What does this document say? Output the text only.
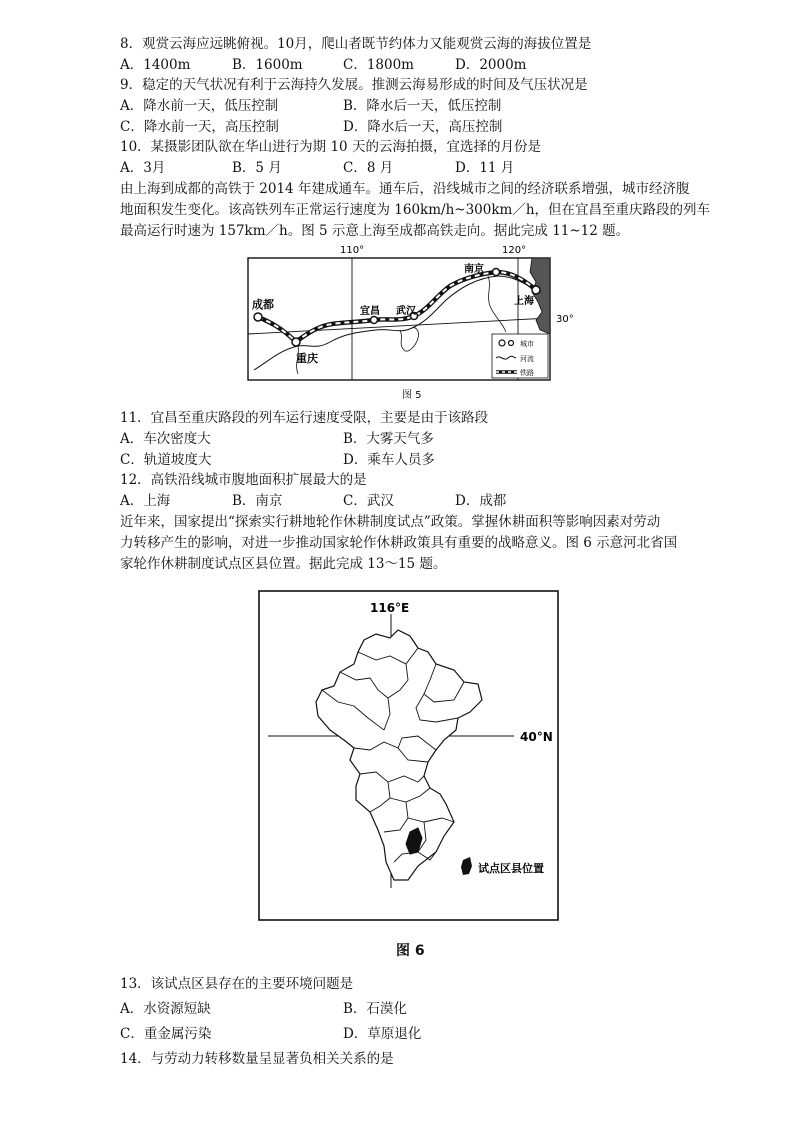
8．观赏云海应远眺俯视。10月，爬山者既节约体力又能观赏云海的海拔位置是
A．1400m	B．1600m	C．1800m	D．2000m
9．稳定的天气状况有利于云海持久发展。推测云海易形成的时间及气压状况是
A．降水前一天，低压控制	B．降水后一天，低压控制
C．降水前一天，高压控制	D．降水后一天，高压控制
10．某摄影团队欲在华山进行为期 10 天的云海拍摄，宜选择的月份是
A．3月	B．5 月	C．8 月	D．11 月
由上海到成都的高铁于 2014 年建成通车。通车后，沿线城市之间的经济联系增强，城市经济腹
地面积发生变化。该高铁列车正常运行速度为 160km/h~300km／h，但在宜昌至重庆路段的列车
最高运行时速为 157km／h。图 5 示意上海至成都高铁走向。据此完成 11~12 题。
110°	120°
30°
成都
重庆
宜昌 武汉
南京
上海
城市
河流
铁路
图 5
11．宜昌至重庆路段的列车运行速度受限，主要是由于该路段
A．车次密度大	B．大雾天气多
C．轨道坡度大	D．乘车人员多
12．高铁沿线城市腹地面积扩展最大的是
A．上海	B．南京	C．武汉	D．成都
近年来，国家提出“探索实行耕地轮作休耕制度试点”政策。掌握休耕面积等影响因素对劳动
力转移产生的影响，对进一步推动国家轮作休耕政策具有重要的战略意义。图 6 示意河北省国
家轮作休耕制度试点区县位置。据此完成 13～15 题。
116°E
40°N
试点区县位置
图 6
13．该试点区县存在的主要环境问题是
A．水资源短缺	B．石漠化
C．重金属污染	D．草原退化
14．与劳动力转移数量呈显著负相关关系的是
